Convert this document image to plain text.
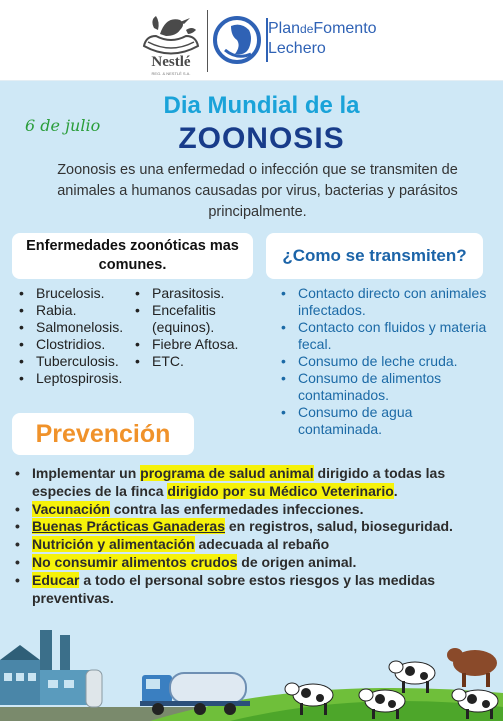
Nestlé
REG. & NESTLÉ S.A.
PlandeFomento
Lechero
Dia Mundial de la
6 de julio	ZOONOSIS
Zoonosis es una enfermedad o infección que se transmiten de animales a humanos causadas por virus, bacterias y parásitos principalmente.
Enfermedades zoonóticas mas comunes.	¿Como se transmiten?
• Brucelosis.
• Rabia.
• Salmonelosis.
• Clostridios.
• Tuberculosis.
• Leptospirosis.
• Parasitosis.
• Encefalitis (equinos).
• Fiebre Aftosa.
• ETC.
• Contacto directo con animales infectados.
• Contacto con fluidos y materia fecal.
• Consumo de leche cruda.
• Consumo de alimentos contaminados.
• Consumo de agua contaminada.
Prevención
• Implementar un programa de salud animal dirigido a todas las especies de la finca dirigido por su Médico Veterinario.
• Vacunación contra las enfermedades infecciones.
• Buenas Prácticas Ganaderas en registros, salud, bioseguridad.
• Nutrición y alimentación adecuada al rebaño
• No consumir alimentos crudos de origen animal.
• Educar a todo el personal sobre estos riesgos y las medidas preventivas.
